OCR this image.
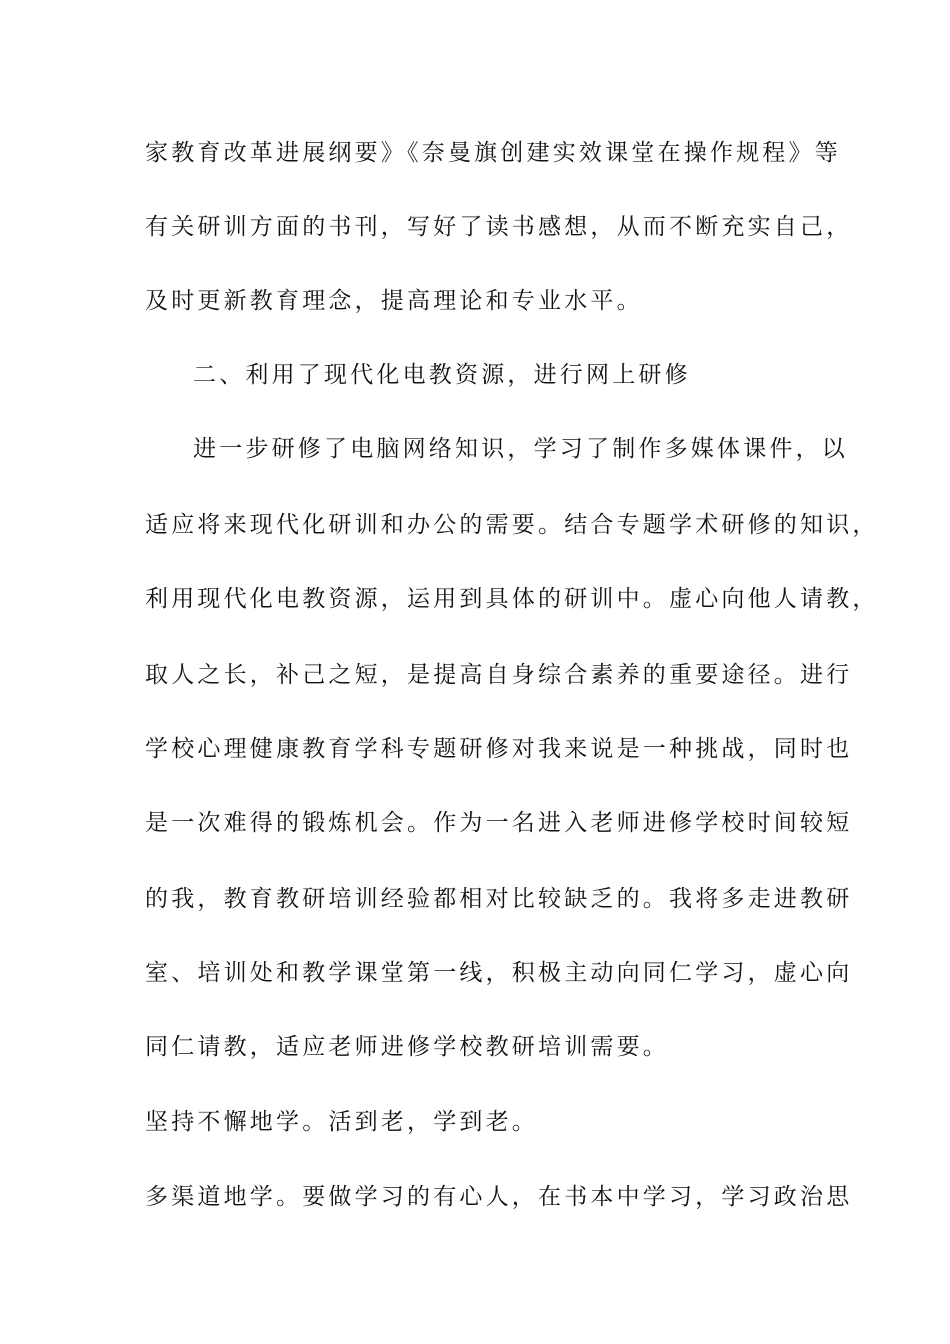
家教育改革进展纲要》《奈曼旗创建实效课堂在操作规程》等
有关研训方面的书刊，写好了读书感想，从而不断充实自己，
及时更新教育理念，提高理论和专业水平。
二、利用了现代化电教资源，进行网上研修
进一步研修了电脑网络知识，学习了制作多媒体课件，以
适应将来现代化研训和办公的需要。结合专题学术研修的知识，
利用现代化电教资源，运用到具体的研训中。虚心向他人请教，
取人之长，补己之短，是提高自身综合素养的重要途径。进行
学校心理健康教育学科专题研修对我来说是一种挑战，同时也
是一次难得的锻炼机会。作为一名进入老师进修学校时间较短
的我，教育教研培训经验都相对比较缺乏的。我将多走进教研
室、培训处和教学课堂第一线，积极主动向同仁学习，虚心向
同仁请教，适应老师进修学校教研培训需要。
坚持不懈地学。活到老，学到老。
多渠道地学。要做学习的有心人，在书本中学习，学习政治思
